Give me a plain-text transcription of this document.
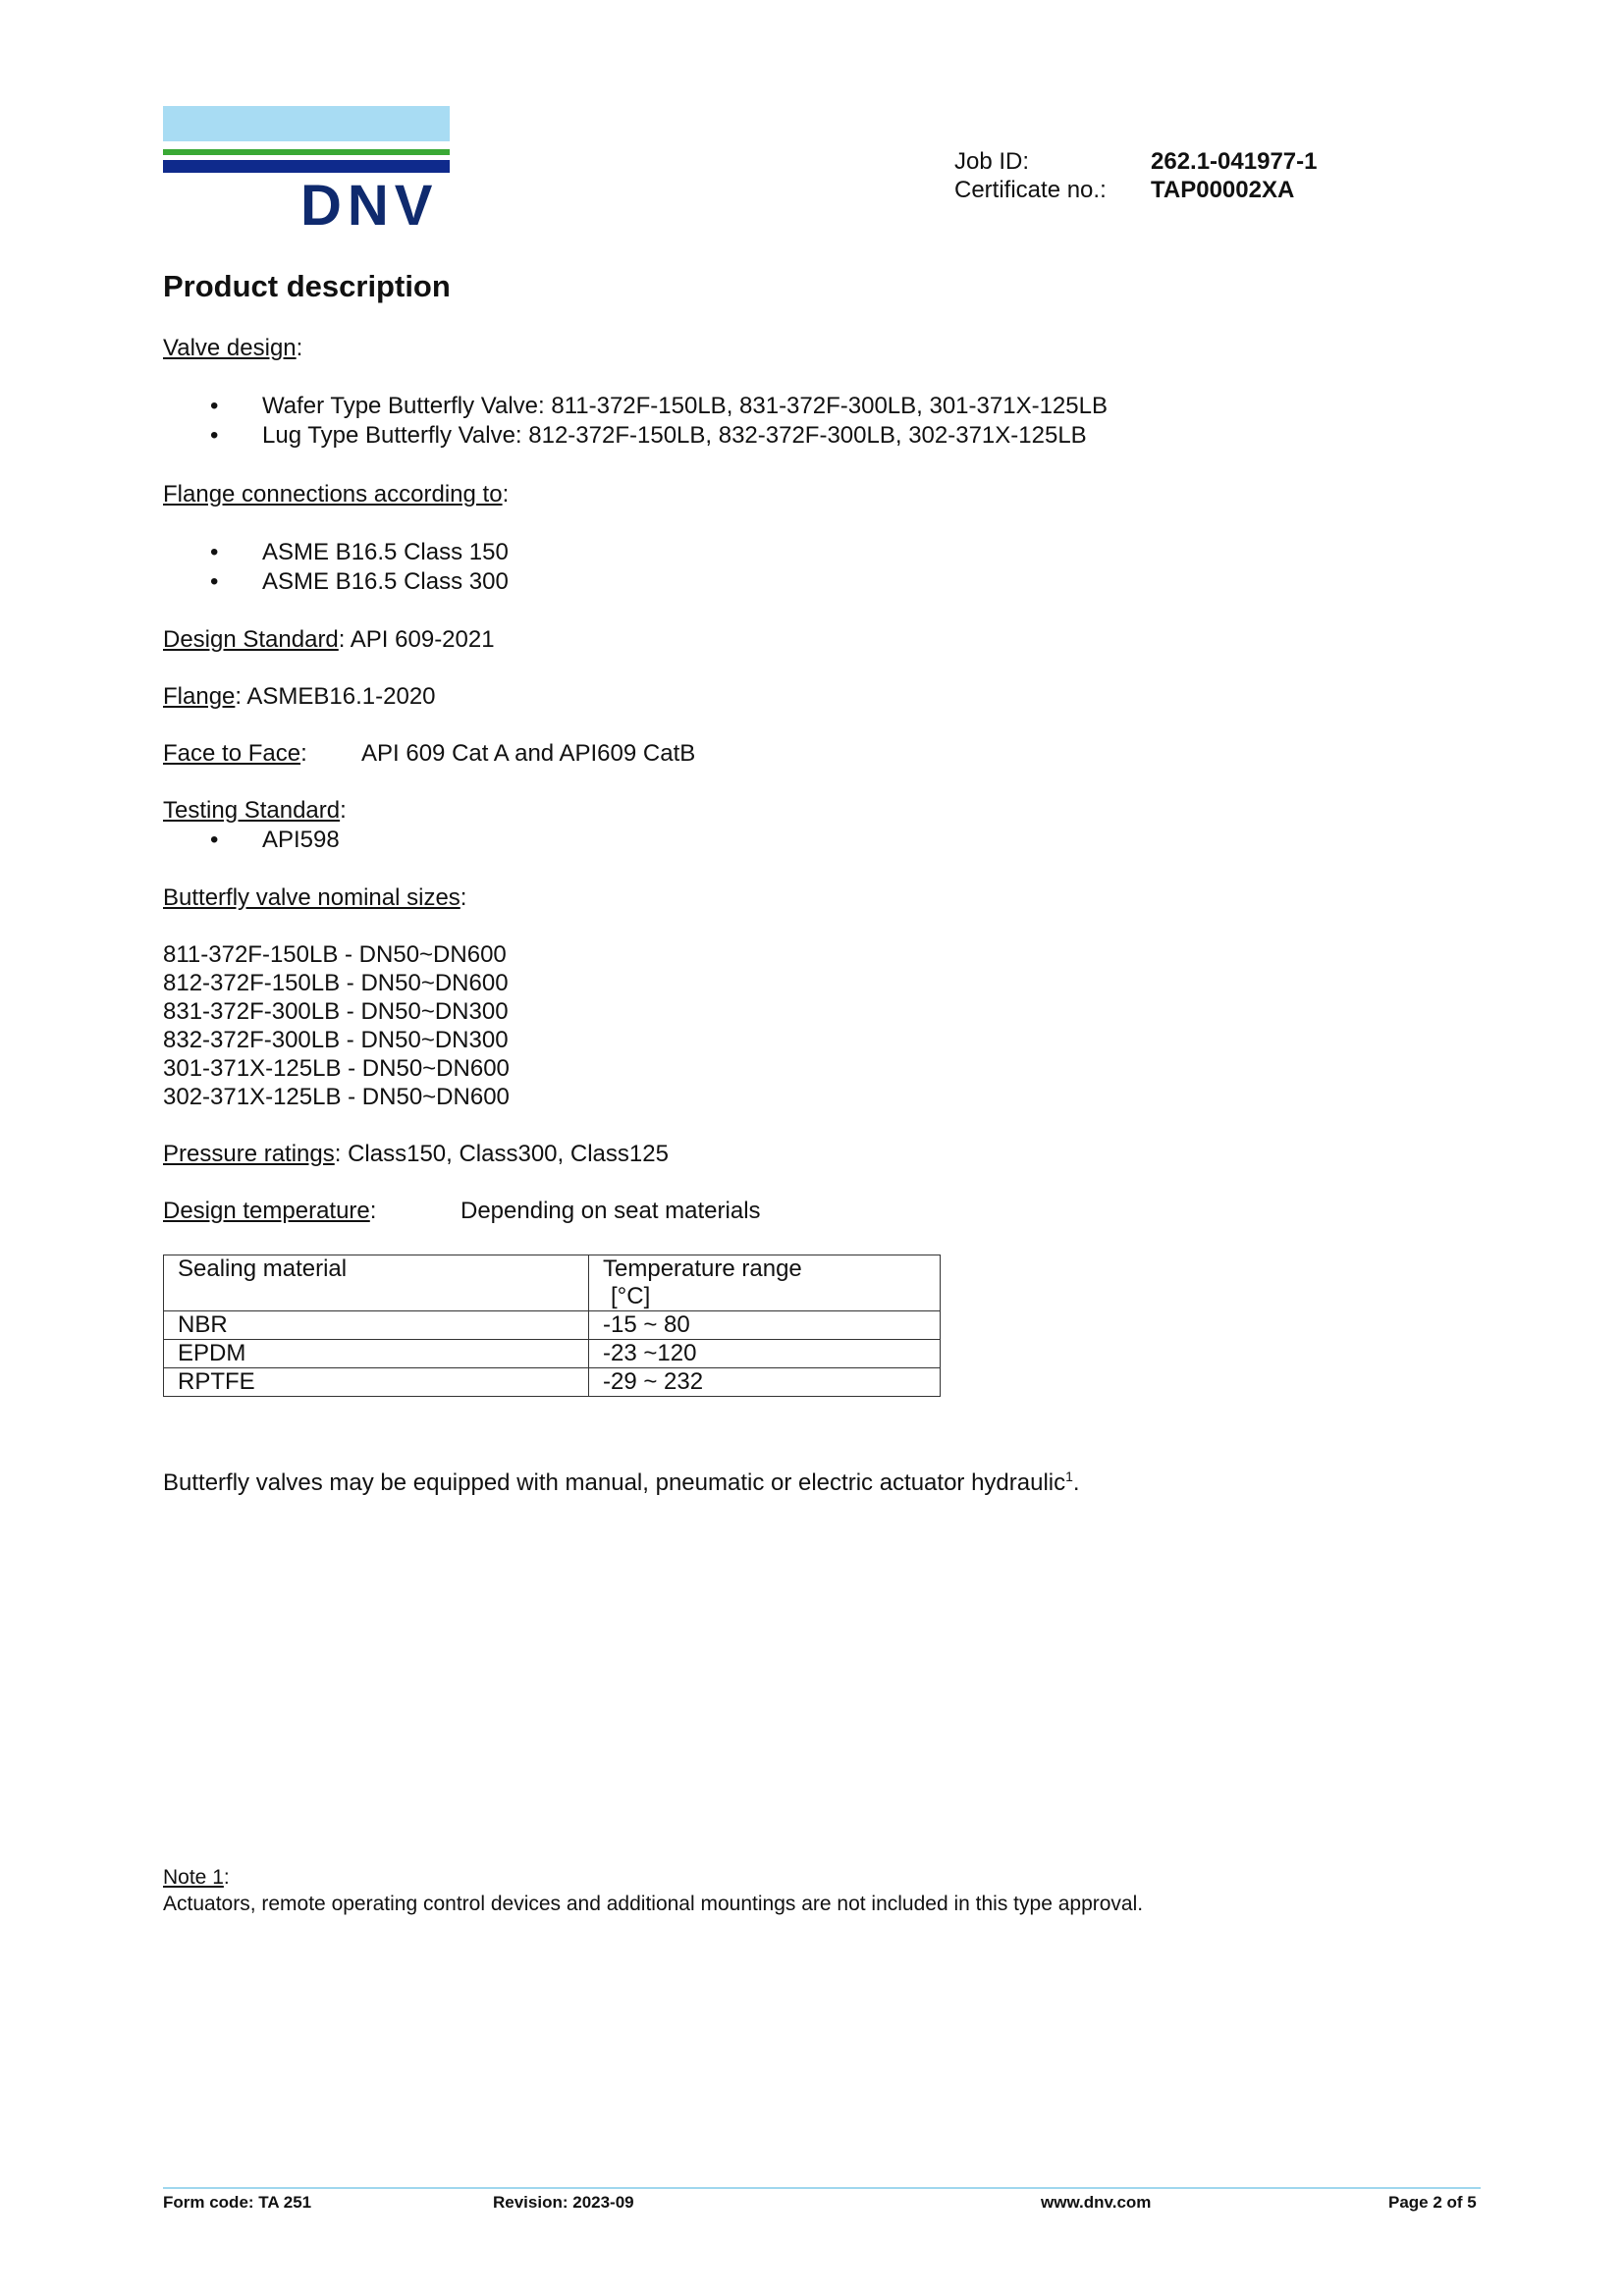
DNV
Job ID:	262.1-041977-1
Certificate no.: TAP00002XA
Product description
Valve design:
• Wafer Type Butterfly Valve: 811-372F-150LB, 831-372F-300LB, 301-371X-125LB
• Lug Type Butterfly Valve: 812-372F-150LB, 832-372F-300LB, 302-371X-125LB
Flange connections according to:
• ASME B16.5 Class 150
• ASME B16.5 Class 300
Design Standard: API 609-2021
Flange: ASMEB16.1-2020
Face to Face: API 609 Cat A and API609 CatB
Testing Standard:
• API598
Butterfly valve nominal sizes:
811-372F-150LB - DN50~DN600
812-372F-150LB - DN50~DN600
831-372F-300LB - DN50~DN300
832-372F-300LB - DN50~DN300
301-371X-125LB - DN50~DN600
302-371X-125LB - DN50~DN600
Pressure ratings: Class150, Class300, Class125
Design temperature:	Depending on seat materials
Sealing material	Temperature range
[°C]

NBR	-15 ~ 80
EPDM	-23 ~120
RPTFE	-29 ~ 232
Butterfly valves may be equipped with manual, pneumatic or electric actuator hydraulic$^1$.
Note 1:
Actuators, remote operating control devices and additional mountings are not included in this type approval.
Form code: TA 251	Revision: 2023-09	www.dnv.com	Page 2 of 5
